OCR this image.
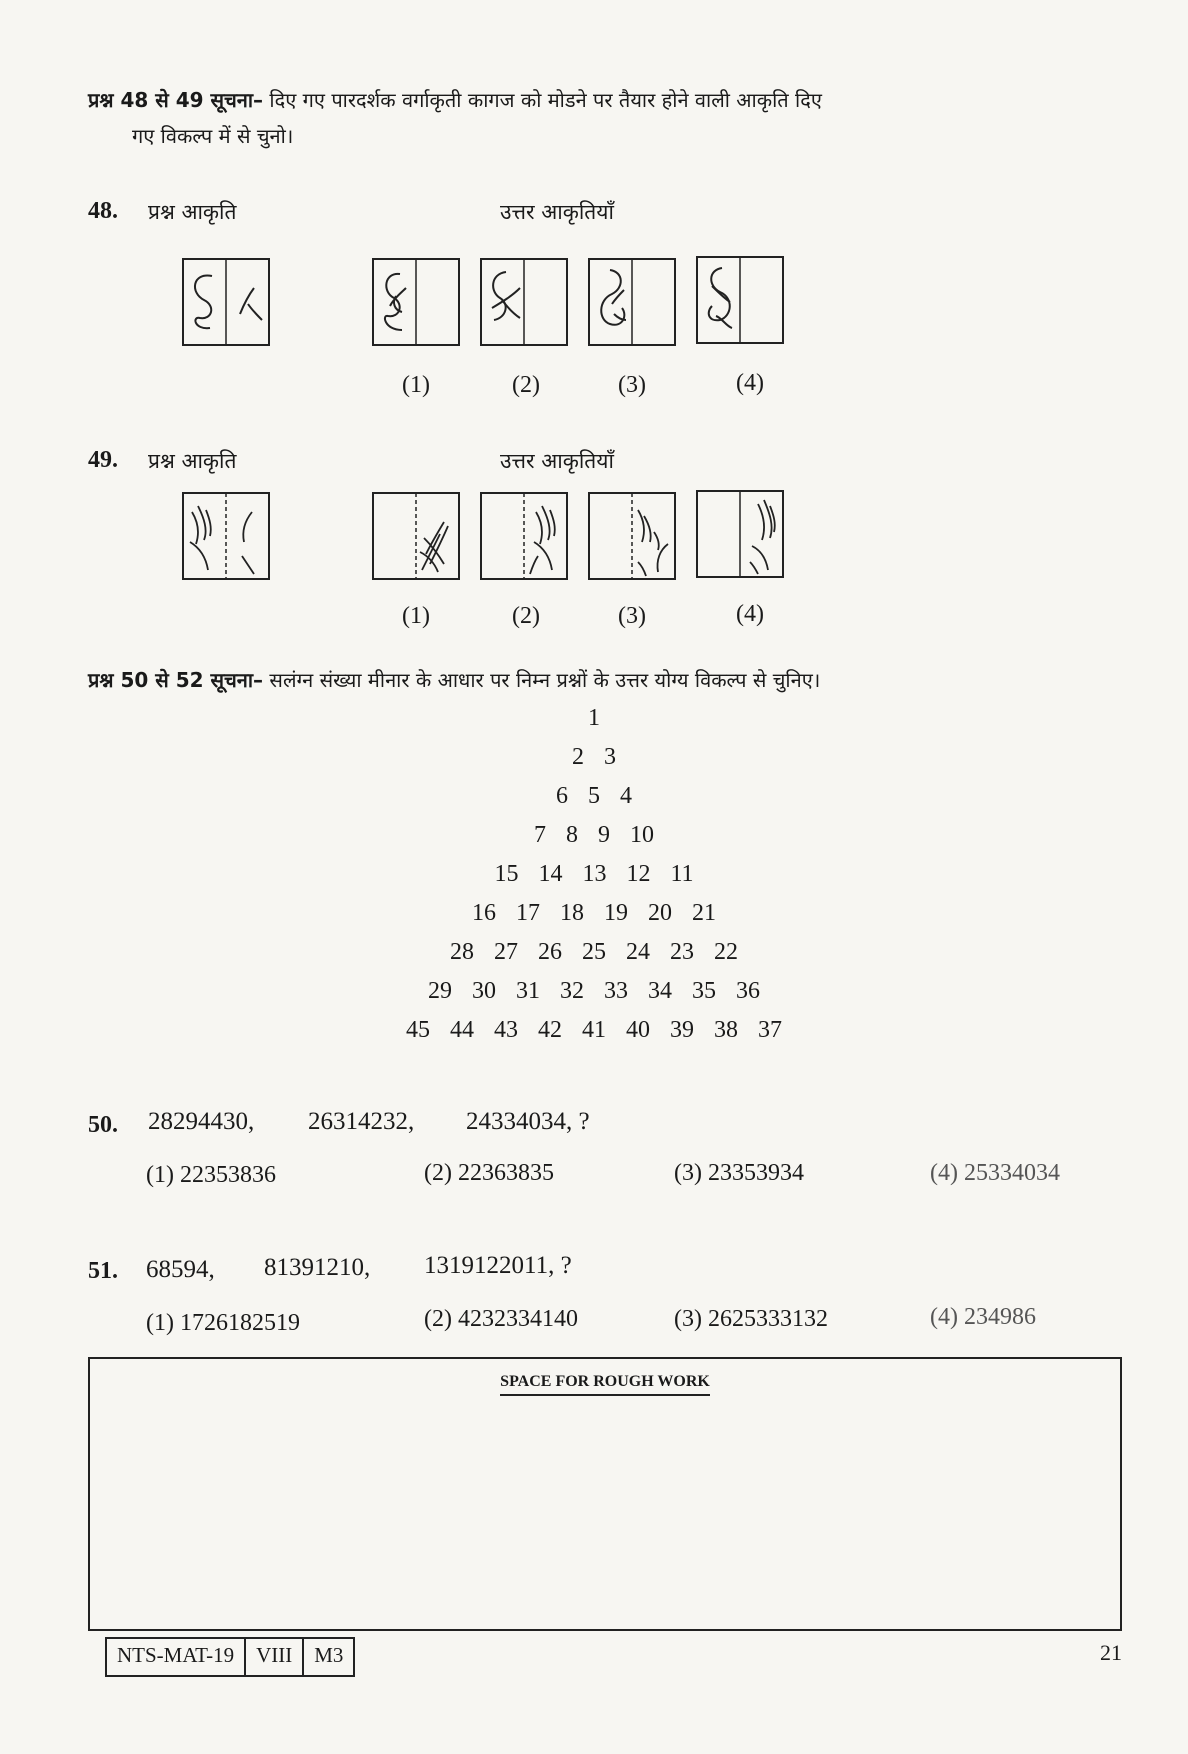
प्रश्न 48 से 49 सूचना– दिए गए पारदर्शक वर्गाकृती कागज को मोडने पर तैयार होने वाली आकृति दिए
गए विकल्प में से चुनो।
48. प्रश्न आकृति	उत्तर आकृतियाँ
(1)	(2)	(3)	(4)
49. प्रश्न आकृति	उत्तर आकृतियाँ
(1)	(2)	(3)	(4)
प्रश्न 50 से 52 सूचना– सलंग्न संख्या मीनार के आधार पर निम्न प्रश्नों के उत्तर योग्य विकल्प से चुनिए।
1
2 3
6 5 4
7 8 9 10
15 14 13 12 11
16 17 18 19 20 21
28 27 26 25 24 23 22
29 30 31 32 33 34 35 36
45 44 43 42 41 40 39 38 37
50. 28294430, 26314232, 24334034, ?
(1) 22353836	(2) 22363835	(3) 23353934	(4) 25334034
51. 68594, 81391210, 1319122011, ?
(1) 1726182519	(2) 4232334140	(3) 2625333132	(4) 234986
SPACE FOR ROUGH WORK
NTS-MAT-19	VIII	M3	21
